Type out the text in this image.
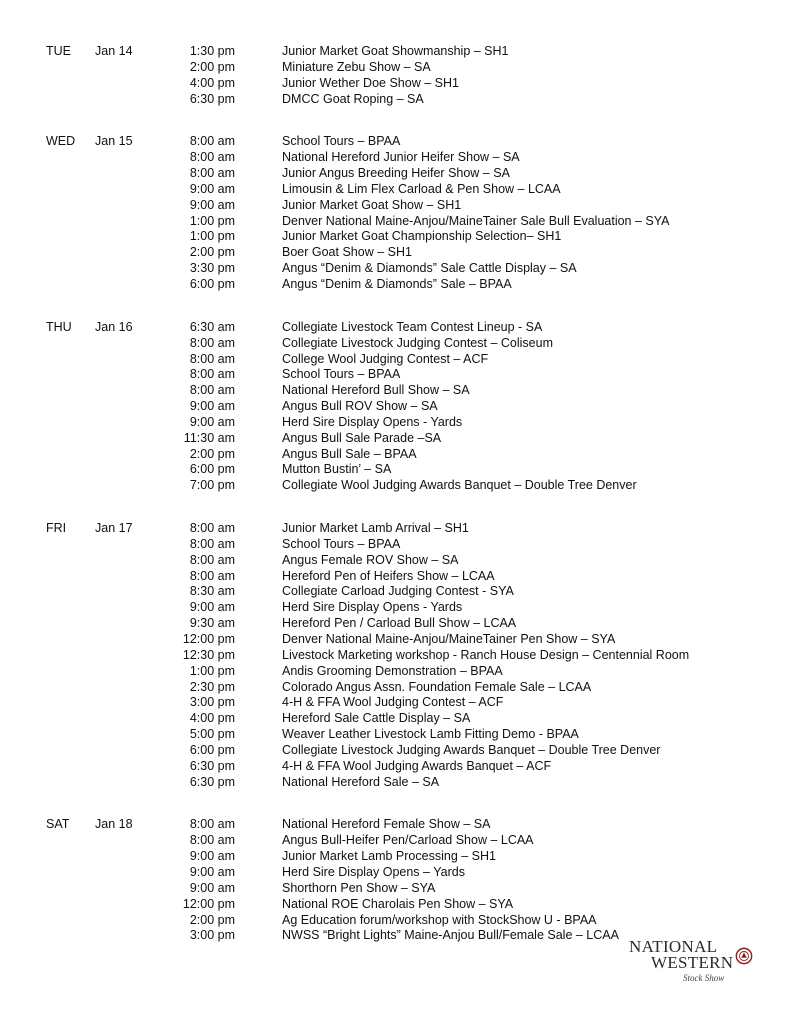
TUE Jan 14	1:30 pm	Junior Market Goat Showmanship – SH1
2:00 pm	Miniature Zebu Show – SA
4:00 pm	Junior Wether Doe Show – SH1
6:30 pm	DMCC Goat Roping – SA
WED Jan 15	8:00 am	School Tours – BPAA
8:00 am	National Hereford Junior Heifer Show – SA
8:00 am	Junior Angus Breeding Heifer Show – SA
9:00 am	Limousin & Lim Flex Carload & Pen Show – LCAA
9:00 am	Junior Market Goat Show – SH1
1:00 pm	Denver National Maine-Anjou/MaineTainer Sale Bull Evaluation – SYA
1:00 pm	Junior Market Goat Championship Selection– SH1
2:00 pm	Boer Goat Show – SH1
3:30 pm	Angus “Denim & Diamonds” Sale Cattle Display – SA
6:00 pm	Angus “Denim & Diamonds” Sale – BPAA
THU Jan 16	6:30 am	Collegiate Livestock Team Contest Lineup - SA
8:00 am	Collegiate Livestock Judging Contest – Coliseum
8:00 am	College Wool Judging Contest – ACF
8:00 am	School Tours – BPAA
8:00 am	National Hereford Bull Show – SA
9:00 am	Angus Bull ROV Show – SA
9:00 am	Herd Sire Display Opens - Yards
11:30 am	Angus Bull Sale Parade –SA
2:00 pm	Angus Bull Sale – BPAA
6:00 pm	Mutton Bustin’ – SA
7:00 pm	Collegiate Wool Judging Awards Banquet – Double Tree Denver
FRI Jan 17	8:00 am	Junior Market Lamb Arrival – SH1
8:00 am	School Tours – BPAA
8:00 am	Angus Female ROV Show – SA
8:00 am	Hereford Pen of Heifers Show – LCAA
8:30 am	Collegiate Carload Judging Contest - SYA
9:00 am	Herd Sire Display Opens - Yards
9:30 am	Hereford Pen / Carload Bull Show – LCAA
12:00 pm	Denver National Maine-Anjou/MaineTainer Pen Show – SYA
12:30 pm	Livestock Marketing workshop - Ranch House Design – Centennial Room
1:00 pm	Andis Grooming Demonstration – BPAA
2:30 pm	Colorado Angus Assn. Foundation Female Sale – LCAA
3:00 pm	4-H & FFA Wool Judging Contest – ACF
4:00 pm	Hereford Sale Cattle Display – SA
5:00 pm	Weaver Leather Livestock Lamb Fitting Demo - BPAA
6:00 pm	Collegiate Livestock Judging Awards Banquet – Double Tree Denver
6:30 pm	4-H & FFA Wool Judging Awards Banquet – ACF
6:30 pm	National Hereford Sale – SA
SAT Jan 18	8:00 am	National Hereford Female Show – SA
8:00 am	Angus Bull-Heifer Pen/Carload Show – LCAA
9:00 am	Junior Market Lamb Processing – SH1
9:00 am	Herd Sire Display Opens – Yards
9:00 am	Shorthorn Pen Show – SYA
12:00 pm	National ROE Charolais Pen Show – SYA
2:00 pm	Ag Education forum/workshop with StockShow U - BPAA
3:00 pm	NWSS “Bright Lights” Maine-Anjou Bull/Female Sale – LCAA
NATIONAL
WESTERN
Stock Show
